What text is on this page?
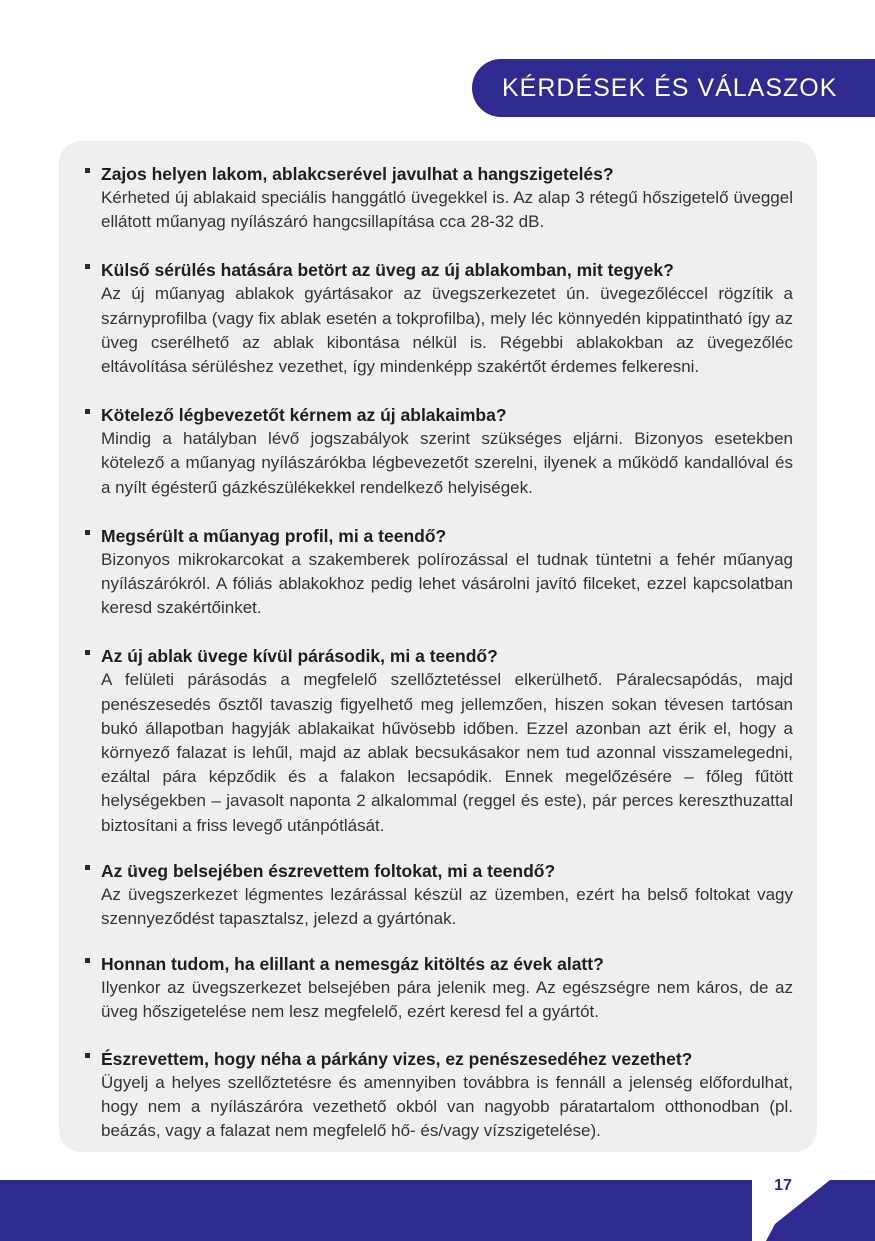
KÉRDÉSEK ÉS VÁLASZOK
Zajos helyen lakom, ablakcserével javulhat a hangszigetelés?
Kérheted új ablakaid speciális hanggátló üvegekkel is. Az alap 3 rétegű hőszigetelő üveggel ellátott műanyag nyílászáró hangcsillapítása cca 28-32 dB.
Külső sérülés hatására betört az üveg az új ablakomban, mit tegyek?
Az új műanyag ablakok gyártásakor az üvegszerkezetet ún. üvegezőléccel rögzítik a szárnyprofilba (vagy fix ablak esetén a tokprofilba), mely léc könnyedén kippatintható így az üveg cserélhető az ablak kibontása nélkül is. Régebbi ablakokban az üvegezőléc eltávolítása sérüléshez vezethet, így mindenképp szakértőt érdemes felkeresni.
Kötelező légbevezetőt kérnem az új ablakaimba?
Mindig a hatályban lévő jogszabályok szerint szükséges eljárni. Bizonyos esetekben kötelező a műanyag nyílászárókba légbevezetőt szerelni, ilyenek a működő kandallóval és a nyílt égésterű gázkészülékekkel rendelkező helyiségek.
Megsérült a műanyag profil, mi a teendő?
Bizonyos mikrokarcokat a szakemberek polírozással el tudnak tüntetni a fehér műanyag nyílászárókról. A fóliás ablakokhoz pedig lehet vásárolni javító filceket, ezzel kapcsolatban keresd szakértőinket.
Az új ablak üvege kívül párásodik, mi a teendő?
A felületi párásodás a megfelelő szellőztetéssel elkerülhető. Páralecsapódás, majd penészesedés ősztől tavaszig figyelhető meg jellemzően, hiszen sokan tévesen tartósan bukó állapotban hagyják ablakaikat hűvösebb időben. Ezzel azonban azt érik el, hogy a környező falazat is lehűl, majd az ablak becsukásakor nem tud azonnal visszamelegedni, ezáltal pára képződik és a falakon lecsapódik. Ennek megelőzésére – főleg fűtött helységekben – javasolt naponta 2 alkalommal (reggel és este), pár perces kereszthuzattal biztosítani a friss levegő utánpótlását.
Az üveg belsejében észrevettem foltokat, mi a teendő?
Az üvegszerkezet légmentes lezárással készül az üzemben, ezért ha belső foltokat vagy szennyeződést tapasztalsz, jelezd a gyártónak.
Honnan tudom, ha elillant a nemesgáz kitöltés az évek alatt?
Ilyenkor az üvegszerkezet belsejében pára jelenik meg. Az egészségre nem káros, de az üveg hőszigetelése nem lesz megfelelő, ezért keresd fel a gyártót.
Észrevettem, hogy néha a párkány vizes, ez penészesedéhez vezethet?
Ügyelj a helyes szellőztetésre és amennyiben továbbra is fennáll a jelenség előfordulhat, hogy nem a nyílászáróra vezethető okból van nagyobb páratartalom otthonodban (pl. beázás, vagy a falazat nem megfelelő hő- és/vagy vízszigetelése).
17
